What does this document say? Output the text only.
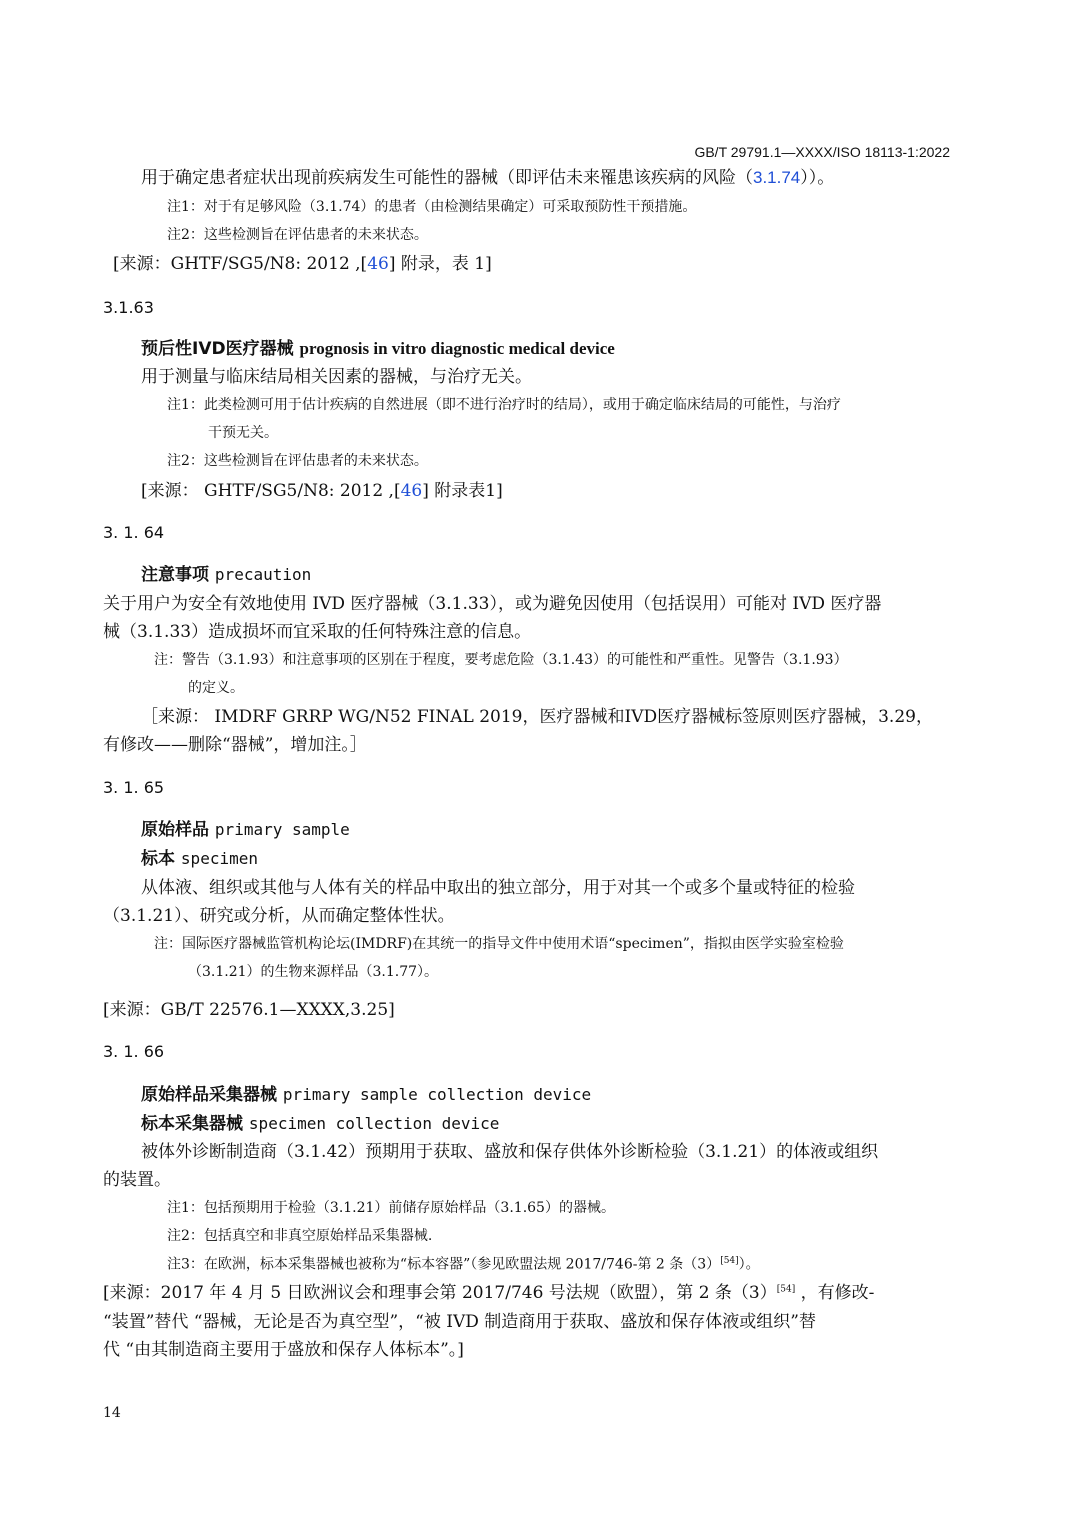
GB/T 29791.1—XXXX/ISO 18113-1:2022
用于确定患者症状出现前疾病发生可能性的器械（即评估未来罹患该疾病的风险（3.1.74））。
注1：对于有足够风险（3.1.74）的患者（由检测结果确定）可采取预防性干预措施。
注2：这些检测旨在评估患者的未来状态。
[来源：GHTF/SG5/N8: 2012 ,[46] 附录，表 1]
3.1.63
预后性IVD医疗器械 prognosis in vitro diagnostic medical device
用于测量与临床结局相关因素的器械，与治疗无关。
注1：此类检测可用于估计疾病的自然进展（即不进行治疗时的结局），或用于确定临床结局的可能性，与治疗
干预无关。
注2：这些检测旨在评估患者的未来状态。
[来源： GHTF/SG5/N8: 2012 ,[46] 附录表1]
3. 1. 64
注意事项 precaution
关于用户为安全有效地使用 IVD 医疗器械（3.1.33），或为避免因使用（包括误用）可能对 IVD 医疗器
械（3.1.33）造成损坏而宜采取的任何特殊注意的信息。
注：警告（3.1.93）和注意事项的区别在于程度，要考虑危险（3.1.43）的可能性和严重性。见警告（3.1.93）
的定义。
［来源： IMDRF GRRP WG/N52 FINAL 2019，医疗器械和IVD医疗器械标签原则医疗器械，3.29，
有修改——删除“器械”，增加注。］
3. 1. 65
原始样品 primary sample
标本 specimen
从体液、组织或其他与人体有关的样品中取出的独立部分，用于对其一个或多个量或特征的检验
（3.1.21）、研究或分析，从而确定整体性状。
注：国际医疗器械监管机构论坛(IMDRF)在其统一的指导文件中使用术语“specimen”，指拟由医学实验室检验
（3.1.21）的生物来源样品（3.1.77）。
[来源：GB/T 22576.1—XXXX,3.25]
3. 1. 66
原始样品采集器械 primary sample collection device
标本采集器械 specimen collection device
被体外诊断制造商（3.1.42）预期用于获取、盛放和保存供体外诊断检验（3.1.21）的体液或组织
的装置。
注1：包括预期用于检验（3.1.21）前储存原始样品（3.1.65）的器械。
注2：包括真空和非真空原始样品采集器械.
注3：在欧洲，标本采集器械也被称为“标本容器”（参见欧盟法规 2017/746-第 2 条（3）[54]）。
[来源：2017 年 4 月 5 日欧洲议会和理事会第 2017/746 号法规（欧盟），第 2 条（3）[54] ，有修改-
“装置”替代 “器械，无论是否为真空型”，“被 IVD 制造商用于获取、盛放和保存体液或组织”替
代 “由其制造商主要用于盛放和保存人体标本”。]
14
